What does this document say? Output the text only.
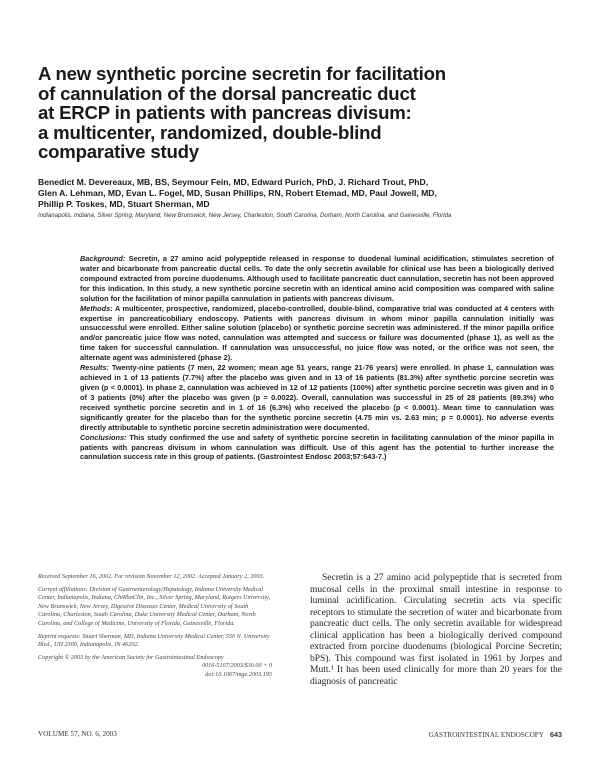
A new synthetic porcine secretin for facilitation
of cannulation of the dorsal pancreatic duct
at ERCP in patients with pancreas divisum:
a multicenter, randomized, double-blind
comparative study
Benedict M. Devereaux, MB, BS, Seymour Fein, MD, Edward Purich, PhD, J. Richard Trout, PhD,
Glen A. Lehman, MD, Evan L. Fogel, MD, Susan Phillips, RN, Robert Etemad, MD, Paul Jowell, MD,
Phillip P. Toskes, MD, Stuart Sherman, MD
Indianapolis, Indiana, Silver Spring, Maryland, New Brunswick, New Jersey, Charleston, South Carolina, Durham, North Carolina, and Gainesville, Florida

Background: Secretin, a 27 amino acid polypeptide released in response to duodenal luminal acidification, stimulates secretion of water and bicarbonate from pancreatic ductal cells. To date the only secretin available for clinical use has been a biologically derived compound extracted from porcine duodenums. Although used to facilitate pancreatic duct cannulation, secretin has not been approved for this indication. In this study, a new synthetic porcine secretin with an identical amino acid composition was compared with saline solution for the facilitation of minor papilla cannulation in patients with pancreas divisum.

Methods: A multicenter, prospective, randomized, placebo-controlled, double-blind, comparative trial was conducted at 4 centers with expertise in pancreaticobiliary endoscopy. Patients with pancreas divisum in whom minor papilla cannulation initially was unsuccessful were enrolled. Either saline solution (placebo) or synthetic porcine secretin was administered. If the minor papilla orifice and/or pancreatic juice flow was noted, cannulation was attempted and success or failure was documented (phase 1), as well as the time taken for successful cannulation. If cannulation was unsuccessful, no juice flow was noted, or the orifice was not seen, the alternate agent was administered (phase 2).

Results: Twenty-nine patients (7 men, 22 women; mean age 51 years, range 21-76 years) were enrolled. In phase 1, cannulation was achieved in 1 of 13 patients (7.7%) after the placebo was given and in 13 of 16 patients (81.3%) after synthetic porcine secretin was given (p < 0.0001). In phase 2, cannulation was achieved in 12 of 12 patients (100%) after synthetic porcine secretin was given and in 0 of 3 patients (0%) after the placebo was given (p = 0.0022). Overall, cannulation was successful in 25 of 28 patients (89.3%) who received synthetic porcine secretin and in 1 of 16 (6.3%) who received the placebo (p < 0.0001). Mean time to cannulation was significantly greater for the placebo than for the synthetic porcine secretin (4.75 min vs. 2.63 min; p = 0.0001). No adverse events directly attributable to synthetic porcine secretin administration were documented.

Conclusions: This study confirmed the use and safety of synthetic porcine secretin in facilitating cannulation of the minor papilla in patients with pancreas divisum in whom cannulation was difficult. Use of this agent has the potential to further increase the cannulation success rate in this group of patients. (Gastrointest Endosc 2003;57:643-7.)

Received September 16, 2002. For revision November 12, 2002. Accepted January 2, 2003.

Current affiliations: Division of Gastroenterology/Hepatology, Indiana University Medical Center, Indianapolis, Indiana, ChiRhoClin, Inc., Silver Spring, Maryland, Rutgers University, New Brunswick, New Jersey, Digestive Diseases Center, Medical University of South Carolina, Charleston, South Carolina, Duke University Medical Center, Durham, North Carolina, and College of Medicine, University of Florida, Gainesville, Florida.

Reprint requests: Stuart Sherman, MD, Indiana University Medical Center, 550 N. University Blvd., UH 2300, Indianapolis, IN 46202.

Copyright © 2003 by the American Society for Gastrointestinal Endoscopy

0016-5107/2003/$30.00 + 0

doi:10.1067/mge.2003.195

Secretin is a 27 amino acid polypeptide that is secreted from mucosal cells in the proximal small intestine in response to luminal acidification. Circulating secretin acts via specific receptors to stimulate the secretion of water and bicarbonate from pancreatic duct cells. The only secretin available for widespread clinical application has been a biologically derived compound extracted from porcine duodenums (biological Porcine Secretin; bPS). This compound was first isolated in 1961 by Jorpes and Mutt.¹ It has been used clinically for more than 20 years for the diagnosis of pancreatic

VOLUME 57, NO. 6, 2003	GASTROINTESTINAL ENDOSCOPY 643
